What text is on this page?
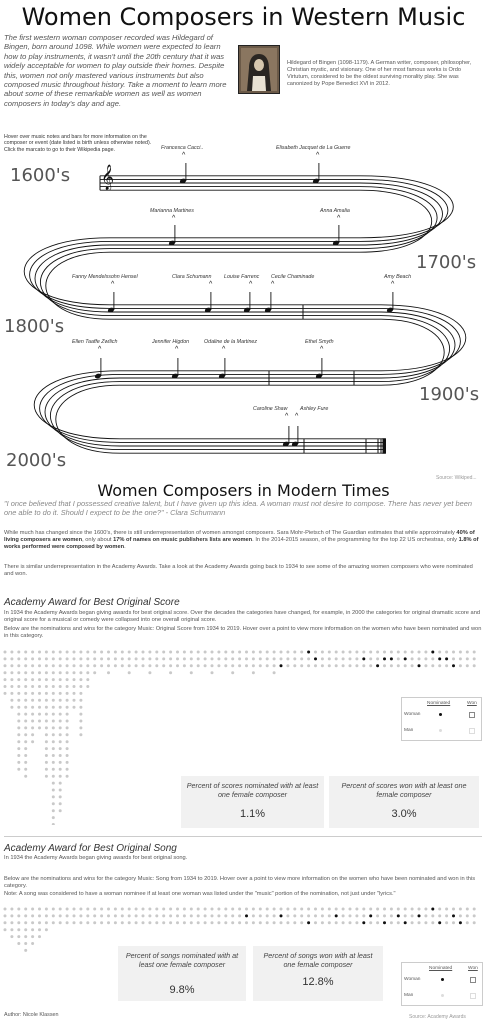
Women Composers in Western Music
The first western woman composer recorded was Hildegard of Bingen, born around 1098. While women were expected to learn how to play instruments, it wasn't until the 20th century that it was widely acceptable for women to play outside their homes. Despite this, women not only mastered various instruments but also composed music throughout history. Take a moment to learn more about some of these remarkable women as well as women composers in today's day and age.
Hildegard of Bingen (1098-1179). A German writer, composer, philosopher, Christian mystic, and visionary. One of her most famous works is Ordo Virtutum, considered to be the oldest surviving morality play. She was canonized by Pope Benedict XVI in 2012.
Hover over music notes and bars for more information on the composer or event (date listed is birth unless otherwise noted). Click the marcato to go to their Wikipedia page.
𝄞
1600's
1700's
1800's
1900's
2000's
Francesca Cacci..
^
Elisabeth Jacquet de La Guerre
^
Marianna Martines
^
Anna Amalia
^
Fanny Mendelssohn Hensel
^
Clara Schumann
^
Louise Farrenc
^
Cecile Chaminade
^
Amy Beach
^
Ellen Taaffe Zwilich
^
Jennifer Higdon
^
Odaline de la Martinez
^
Ethel Smyth
^
Caroline Shaw
^
Ashley Fure
^
Source: Wikiped...
Women Composers in Modern Times
"I once believed that I possessed creative talent, but I have given up this idea. A woman must not desire to compose. There has never yet been one able to do it. Should I expect to be the one?" - Clara Schumann
While much has changed since the 1600's, there is still underrepresentation of women amongst composers. Sara Mohr-Pietsch of The Guardian estimates that while approximately 40% of living composers are women, only about 17% of names on music publishers lists are women. In the 2014-2015 season, of the programming for the top 22 US orchestras, only 1.8% of works performed were composed by women.
There is similar underrepresentation in the Academy Awards. Take a look at the Academy Awards going back to 1934 to see some of the amazing women composers who were nominated and won.
Academy Award for Best Original Score
In 1934 the Academy Awards began giving awards for best original score. Over the decades the categories have changed, for example, in 2000 the categories for original dramatic score and original score for a musical or comedy were collapsed into one overall original score.
Below are the nominations and wins for the category Music: Original Score from 1934 to 2019. Hover over a point to view more information on the women who have been nominated and won in this category.
Nominated	Won
Woman
Man
Percent of scores nominated with at least one female composer
1.1%
Percent of scores won with at least one female composer
3.0%
Academy Award for Best Original Song
In 1934 the Academy Awards began giving awards for best original song.
Below are the nominations and wins for the category Music: Song from 1934 to 2019. Hover over a point to view more information on the women who have been nominated and won in this category.
Note: A song was considered to have a woman nominee if at least one woman was listed under the "music" portion of the nomination, not just under "lyrics."
Percent of songs nominated with at least one female composer
9.8%
Percent of songs won with at least one female composer
12.8%
Nominated	Won
Woman
Man
Author: Nicole Klassen	Source: Academy Awards
